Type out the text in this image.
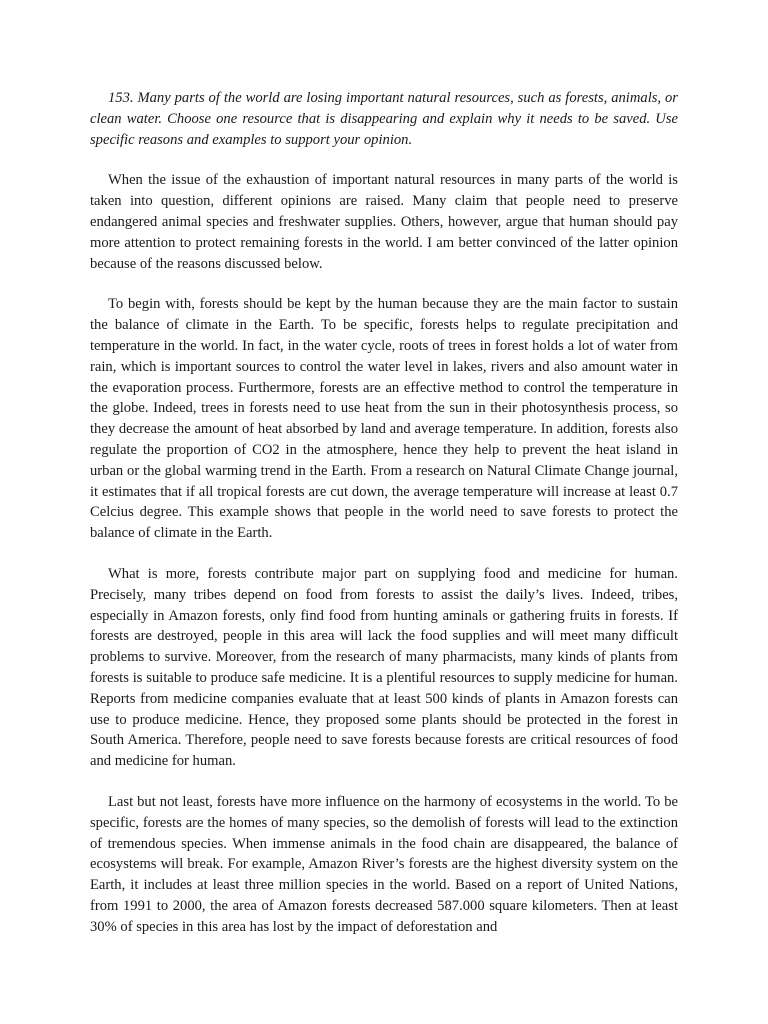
153. Many parts of the world are losing important natural resources, such as forests, animals, or clean water. Choose one resource that is disappearing and explain why it needs to be saved. Use specific reasons and examples to support your opinion.

When the issue of the exhaustion of important natural resources in many parts of the world is taken into question, different opinions are raised. Many claim that people need to preserve endangered animal species and freshwater supplies. Others, however, argue that human should pay more attention to protect remaining forests in the world. I am better convinced of the latter opinion because of the reasons discussed below.

To begin with, forests should be kept by the human because they are the main factor to sustain the balance of climate in the Earth. To be specific, forests helps to regulate precipitation and temperature in the world. In fact, in the water cycle, roots of trees in forest holds a lot of water from rain, which is important sources to control the water level in lakes, rivers and also amount water in the evaporation process. Furthermore, forests are an effective method to control the temperature in the globe. Indeed, trees in forests need to use heat from the sun in their photosynthesis process, so they decrease the amount of heat absorbed by land and average temperature. In addition, forests also regulate the proportion of CO2 in the atmosphere, hence they help to prevent the heat island in urban or the global warming trend in the Earth. From a research on Natural Climate Change journal, it estimates that if all tropical forests are cut down, the average temperature will increase at least 0.7 Celcius degree. This example shows that people in the world need to save forests to protect the balance of climate in the Earth.

What is more, forests contribute major part on supplying food and medicine for human. Precisely, many tribes depend on food from forests to assist the daily’s lives. Indeed, tribes, especially in Amazon forests, only find food from hunting aminals or gathering fruits in forests. If forests are destroyed, people in this area will lack the food supplies and will meet many difficult problems to survive. Moreover, from the research of many pharmacists, many kinds of plants from forests is suitable to produce safe medicine. It is a plentiful resources to supply medicine for human. Reports from medicine companies evaluate that at least 500 kinds of plants in Amazon forests can use to produce medicine. Hence, they proposed some plants should be protected in the forest in South America. Therefore, people need to save forests because forests are critical resources of food and medicine for human.

Last but not least, forests have more influence on the harmony of ecosystems in the world. To be specific, forests are the homes of many species, so the demolish of forests will lead to the extinction of tremendous species. When immense animals in the food chain are disappeared, the balance of ecosystems will break. For example, Amazon River’s forests are the highest diversity system on the Earth, it includes at least three million species in the world. Based on a report of United Nations, from 1991 to 2000, the area of Amazon forests decreased 587.000 square kilometers. Then at least 30% of species in this area has lost by the impact of deforestation and
